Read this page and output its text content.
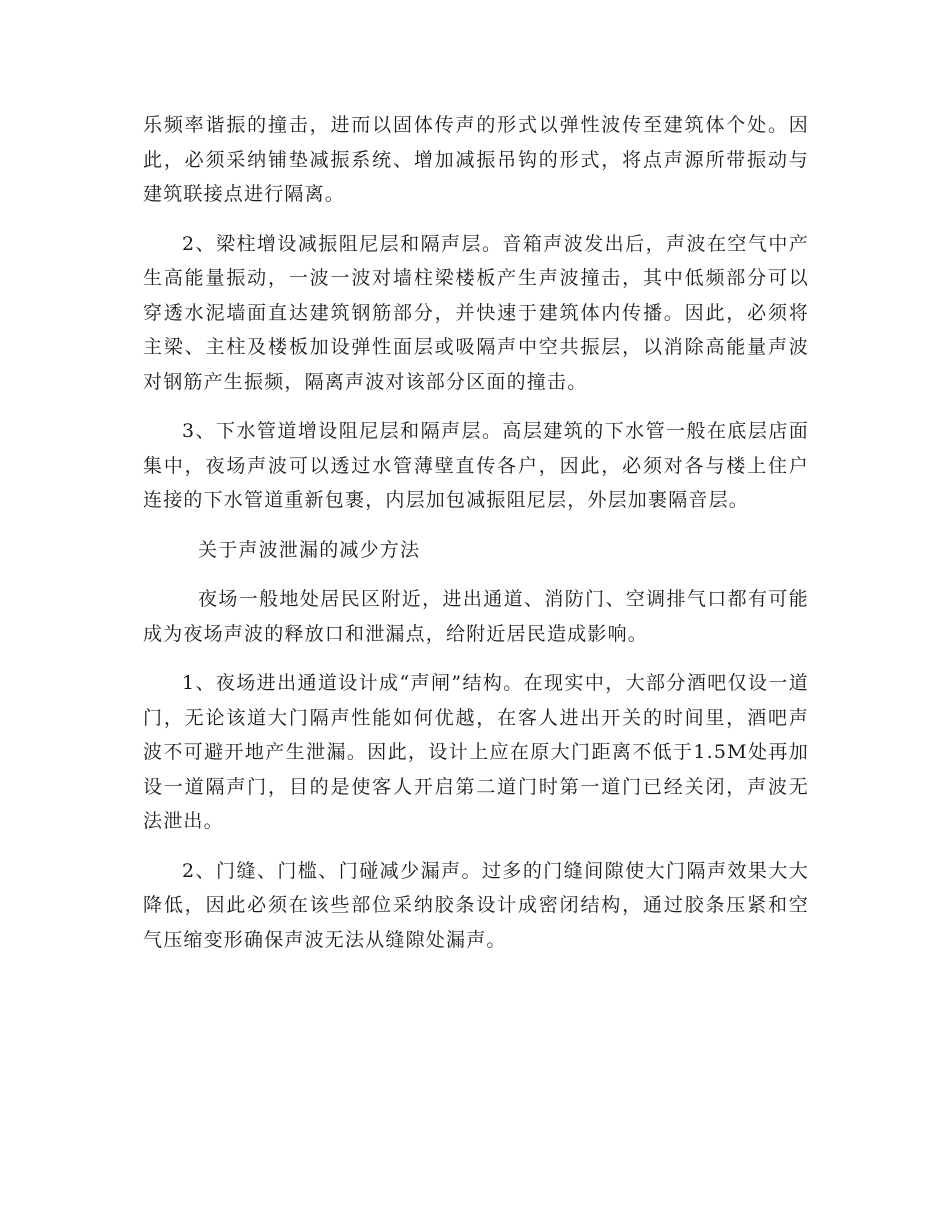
乐频率谐振的撞击，进而以固体传声的形式以弹性波传至建筑体个处。因此，必须采纳铺垫减振系统、增加减振吊钩的形式，将点声源所带振动与建筑联接点进行隔离。

2、梁柱增设减振阻尼层和隔声层。音箱声波发出后，声波在空气中产生高能量振动，一波一波对墙柱梁楼板产生声波撞击，其中低频部分可以穿透水泥墙面直达建筑钢筋部分，并快速于建筑体内传播。因此，必须将主梁、主柱及楼板加设弹性面层或吸隔声中空共振层，以消除高能量声波对钢筋产生振频，隔离声波对该部分区面的撞击。

3、下水管道增设阻尼层和隔声层。高层建筑的下水管一般在底层店面集中，夜场声波可以透过水管薄壁直传各户，因此，必须对各与楼上住户连接的下水管道重新包裹，内层加包减振阻尼层，外层加裹隔音层。

关于声波泄漏的减少方法

夜场一般地处居民区附近，进出通道、消防门、空调排气口都有可能成为夜场声波的释放口和泄漏点，给附近居民造成影响。

1、夜场进出通道设计成“声闸”结构。在现实中，大部分酒吧仅设一道门，无论该道大门隔声性能如何优越，在客人进出开关的时间里，酒吧声波不可避开地产生泄漏。因此，设计上应在原大门距离不低于1.5M处再加设一道隔声门，目的是使客人开启第二道门时第一道门已经关闭，声波无法泄出。

2、门缝、门槛、门碰减少漏声。过多的门缝间隙使大门隔声效果大大降低，因此必须在该些部位采纳胶条设计成密闭结构，通过胶条压紧和空气压缩变形确保声波无法从缝隙处漏声。
